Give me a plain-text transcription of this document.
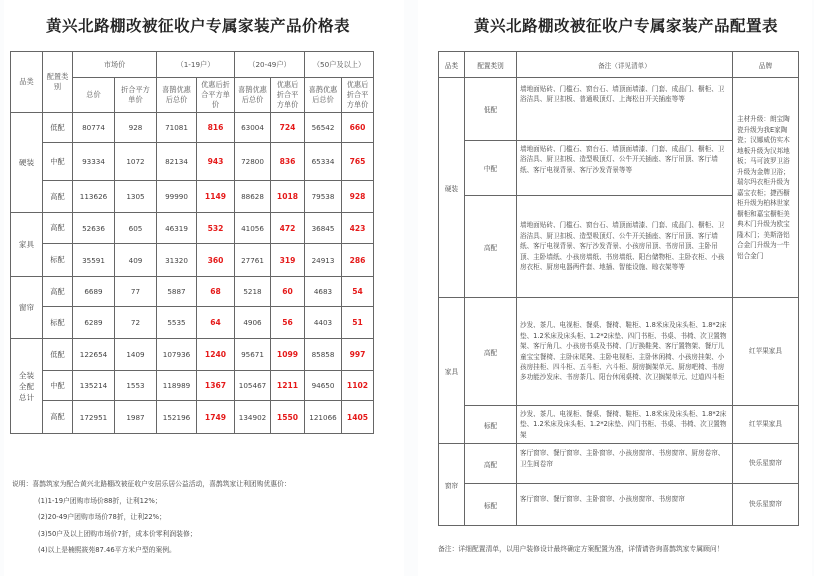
黄兴北路棚改被征收户专属家装产品价格表
品类	配置类别	市场价		（1-19户）		（20-49户）		（50户及以上）	
		总价	折合平方单价	喜鹊优惠后总价	优惠后折合平方单价	喜鹊优惠后总价	优惠后折合平方单价	喜鹊优惠后总价	优惠后折合平方单价
硬装	低配	80774	928	71081	816	63004	724	56542	660
	中配	93334	1072	82134	943	72800	836	65334	765
	高配	113626	1305	99990	1149	88628	1018	79538	928
家具	高配	52636	605	46319	532	41056	472	36845	423
	标配	35591	409	31320	360	27761	319	24913	286
窗帘	高配	6689	77	5887	68	5218	60	4683	54
	标配	6289	72	5535	64	4906	56	4403	51
全装全配总计	低配	122654	1409	107936	1240	95671	1099	85858	997
	中配	135214	1553	118989	1367	105467	1211	94650	1102
	高配	172951	1987	152196	1749	134902	1550	121066	1405
说明：喜鹊筑家为配合黄兴北路棚改被征收户安居乐居公益活动，喜鹊筑家让利团购优惠价：
(1)1-19户团购市场价88折，让利12%；
(2)20-49户团购市场价78折，让利22%；
(3)50户及以上团购市场价7折，成本价零利润装修；
(4)以上是楠熙筱苑87.46平方米户型的案例。
黄兴北路棚改被征收户专属家装产品配置表
品类	配置类别	备注（详见清单）	品牌
硬装	低配	墙地面贴砖、门槛石、窗台石、墙顶面墙漆、门套、成品门、橱柜、卫浴洁具、厨卫扣板、普通吸顶灯、上海松日开关插座等等	主材升级：朗宝陶瓷升级为我E家陶瓷；汉娜威仿实木地板升级为汉邦地板；马可波罗卫浴升级为金牌卫浴；瑞尔玛衣柜升级为嘉宝衣柜；捷西橱柜升级为柏林世家橱柜和嘉宝橱柜美典木门升级为欧宝隆木门；美斯洛铝合金门升级为一牛铝合金门
	中配	墙地面贴砖、门槛石、窗台石、墙顶面墙漆、门套、成品门、橱柜、卫浴洁具、厨卫扣板、造型吸顶灯、公牛开关插座、客厅吊顶、客厅墙纸、客厅电视背景、客厅沙发背景等等	
	高配	墙地面贴砖、门槛石、窗台石、墙顶面墙漆、门套、成品门、橱柜、卫浴洁具、厨卫扣板、造型吸顶灯、公牛开关插座、客厅吊顶、客厅墙纸、客厅电视背景、客厅沙发背景、小孩房吊顶、书房吊顶、主卧吊顶、主卧墙纸、小孩房墙纸、书房墙纸、阳台储物柜、主卧衣柜、小孩房衣柜、厨房电器两件套、地插、智能设施、晾衣架等等	
家具	高配	沙发、茶几、电视柜、餐桌、餐椅、鞋柜、1.8米床及床头柜、1.8*2床垫、1.2米床及床头柜、1.2*2床垫、四门书柜、书桌、书椅、次卫置物架、客厅角几、小孩房书桌及书椅、门厅换鞋凳、客厅置物架、餐厅儿童宝宝餐椅、主卧床尾凳、主卧电视柜、主卧休闲椅、小孩房挂架、小孩房挂柜、四斗柜、五斗柜、六斗柜、厨房搁架单元、厨房吧椅、书房多功能沙发床、书房茶几、阳台休闲桌椅、次卫搁架单元、过道四斗柜	红苹果家具
	标配	沙发、茶几、电视柜、餐桌、餐椅、鞋柜、1.8米床及床头柜、1.8*2床垫、1.2米床及床头柜、1.2*2床垫、四门书柜、书桌、书椅、次卫置物架	红苹果家具
窗帘	高配	客厅窗帘、餐厅窗帘、主卧窗帘、小孩房窗帘、书房窗帘、厨房卷帘、卫生间卷帘	快乐星窗帘
	标配	客厅窗帘、餐厅窗帘、主卧窗帘、小孩房窗帘、书房窗帘	快乐星窗帘
备注：详细配置清单，以用户装修设计最终确定方案配置为准，详情请咨询喜鹊筑家专属顾问！
